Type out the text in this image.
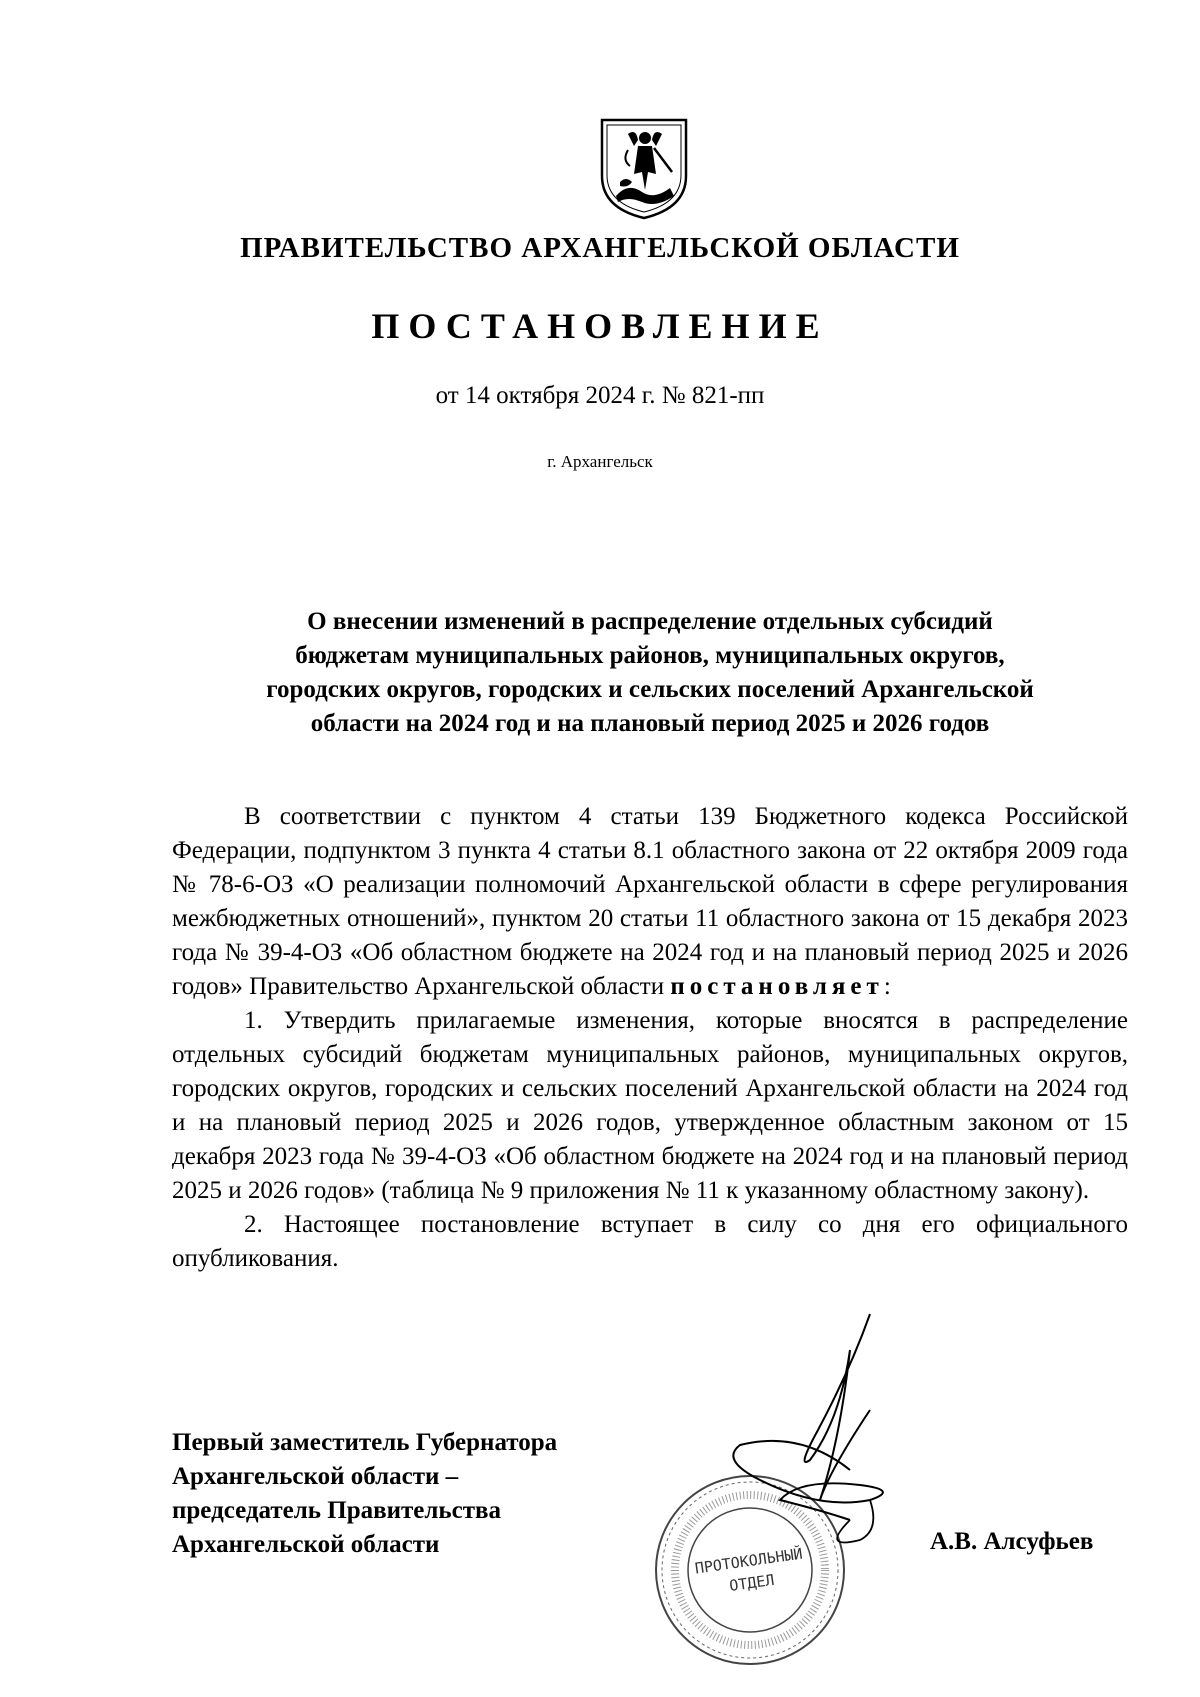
ПРАВИТЕЛЬСТВО АРХАНГЕЛЬСКОЙ ОБЛАСТИ
ПОСТАНОВЛЕНИЕ
от 14 октября 2024 г. № 821-пп
г. Архангельск
О внесении изменений в распределение отдельных субсидий
бюджетам муниципальных районов, муниципальных округов,
городских округов, городских и сельских поселений Архангельской
области на 2024 год и на плановый период 2025 и 2026 годов

В соответствии с пунктом 4 статьи 139 Бюджетного кодекса Российской Федерации, подпунктом 3 пункта 4 статьи 8.1 областного закона от 22 октября 2009 года № 78-6-ОЗ «О реализации полномочий Архангельской области в сфере регулирования межбюджетных отношений», пунктом 20 статьи 11 областного закона от 15 декабря 2023 года № 39-4-ОЗ «Об областном бюджете на 2024 год и на плановый период 2025 и 2026 годов» Правительство Архангельской области постановляет:

1. Утвердить прилагаемые изменения, которые вносятся в распределение отдельных субсидий бюджетам муниципальных районов, муниципальных округов, городских округов, городских и сельских поселений Архангельской области на 2024 год и на плановый период 2025 и 2026 годов, утвержденное областным законом от 15 декабря 2023 года № 39-4-ОЗ «Об областном бюджете на 2024 год и на плановый период 2025 и 2026 годов» (таблица № 9 приложения № 11 к указанному областному закону).

2. Настоящее постановление вступает в силу со дня его официального опубликования.

Первый заместитель Губернатора
Архангельской области –
председатель Правительства
Архангельской области
ПРОТОКОЛЬНЫЙ
ОТДЕЛ
А.В. Алсуфьев
